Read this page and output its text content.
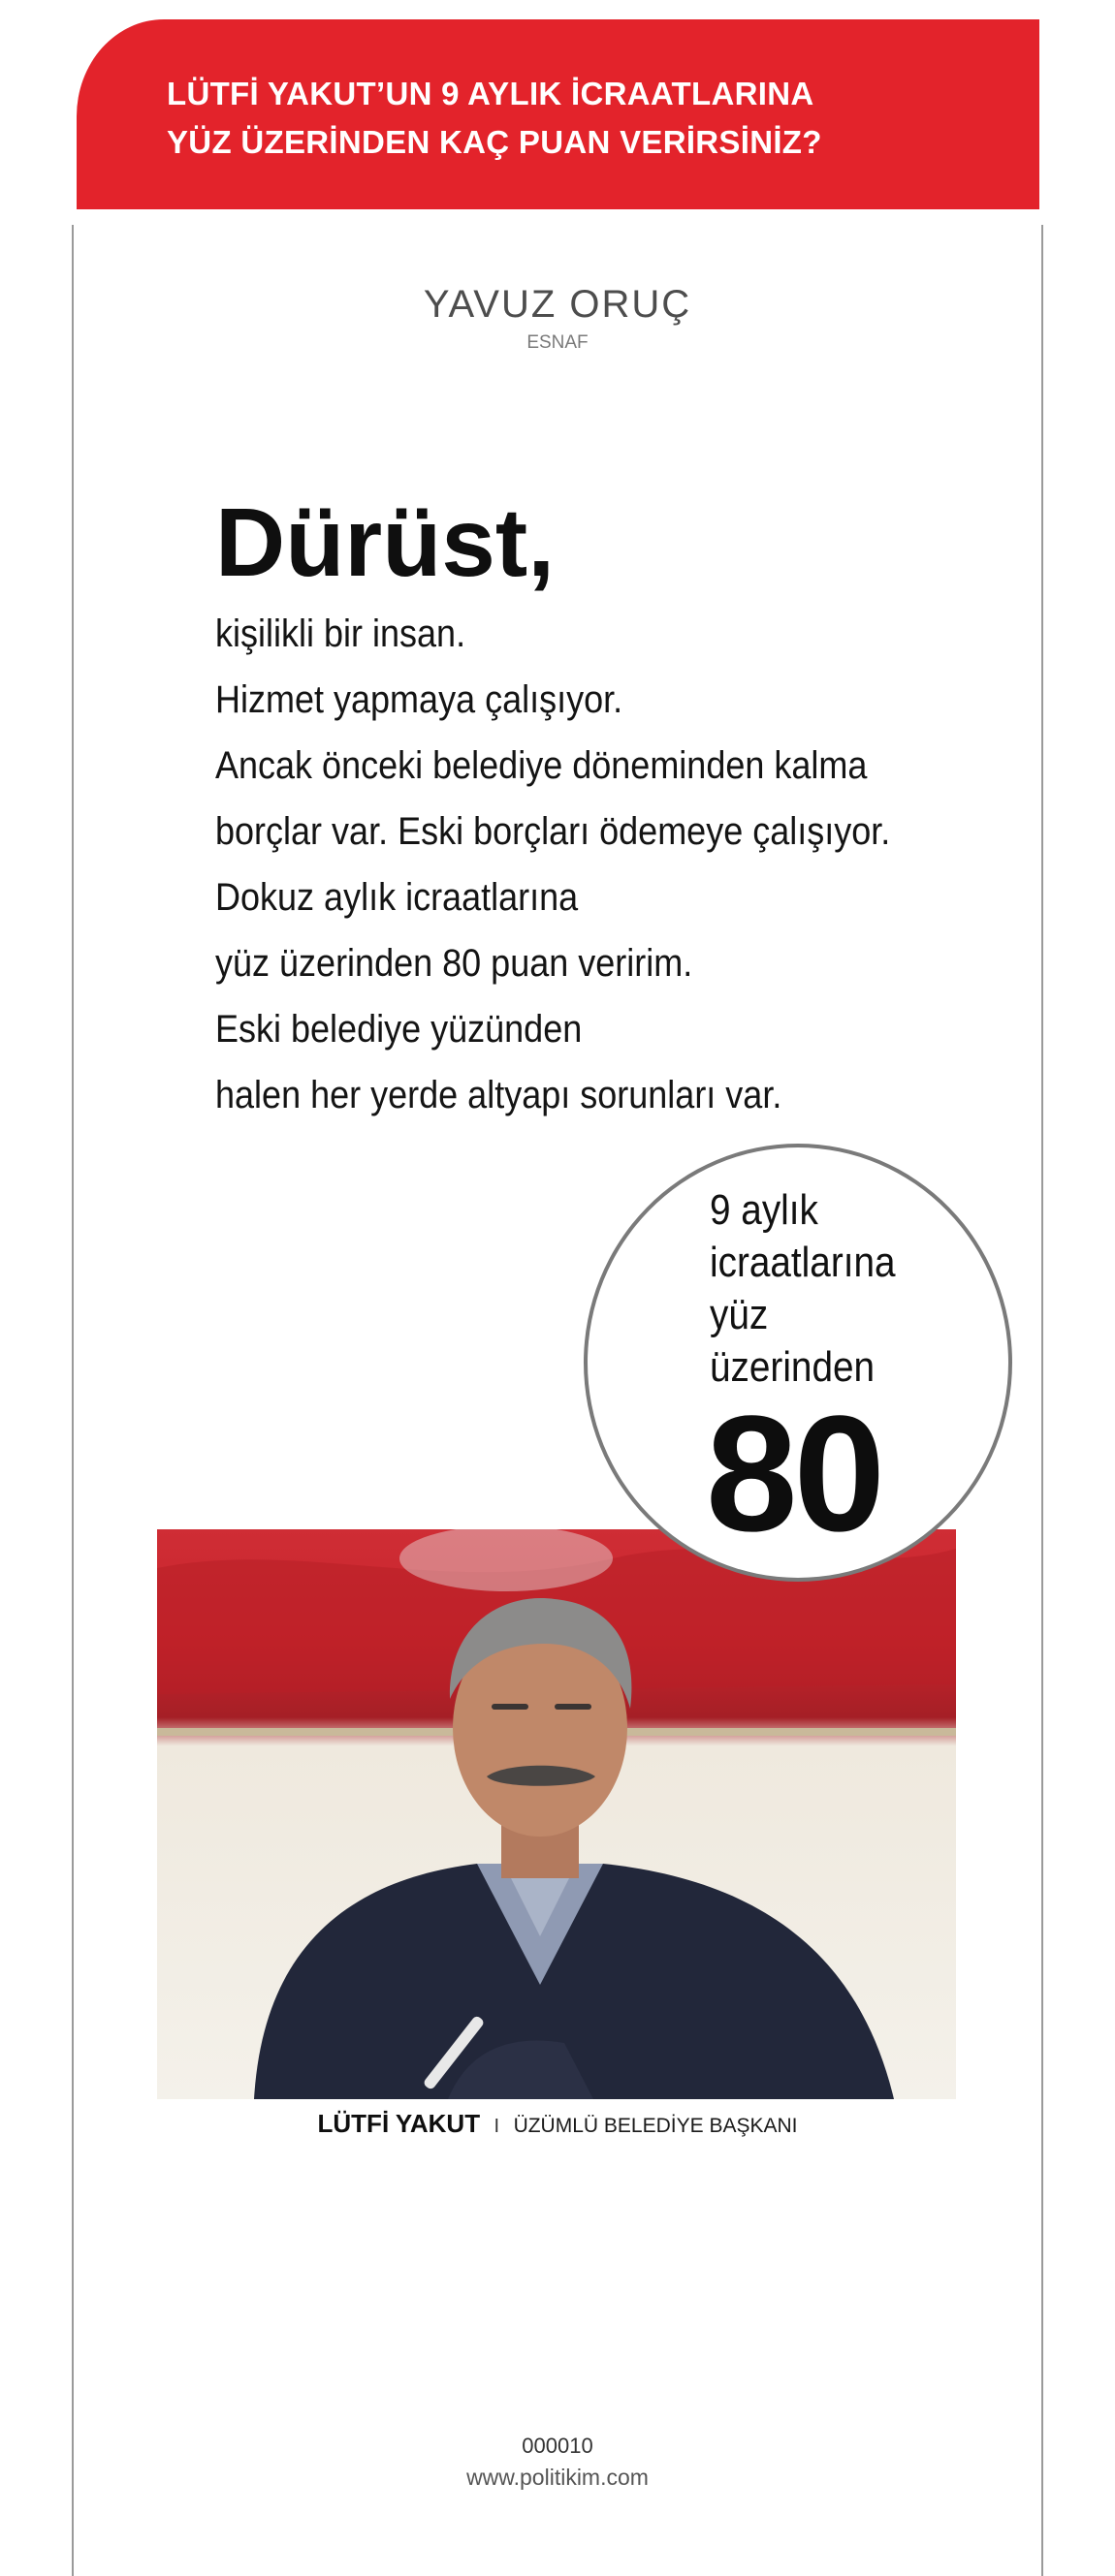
LÜTFİ YAKUT’UN 9 AYLIK İCRAATLARINA
YÜZ ÜZERİNDEN KAÇ PUAN VERİRSİNİZ?
YAVUZ ORUÇ
ESNAF
Dürüst,
kişilikli bir insan.
Hizmet yapmaya çalışıyor.
Ancak önceki belediye döneminden kalma
borçlar var. Eski borçları ödemeye çalışıyor.
Dokuz aylık icraatlarına
yüz üzerinden 80 puan veririm.
Eski belediye yüzünden
halen her yerde altyapı sorunları var.
9 aylık
icraatlarına
yüz
üzerinden
80
LÜTFİ YAKUT I ÜZÜMLÜ BELEDİYE BAŞKANI
000010
www.politikim.com
